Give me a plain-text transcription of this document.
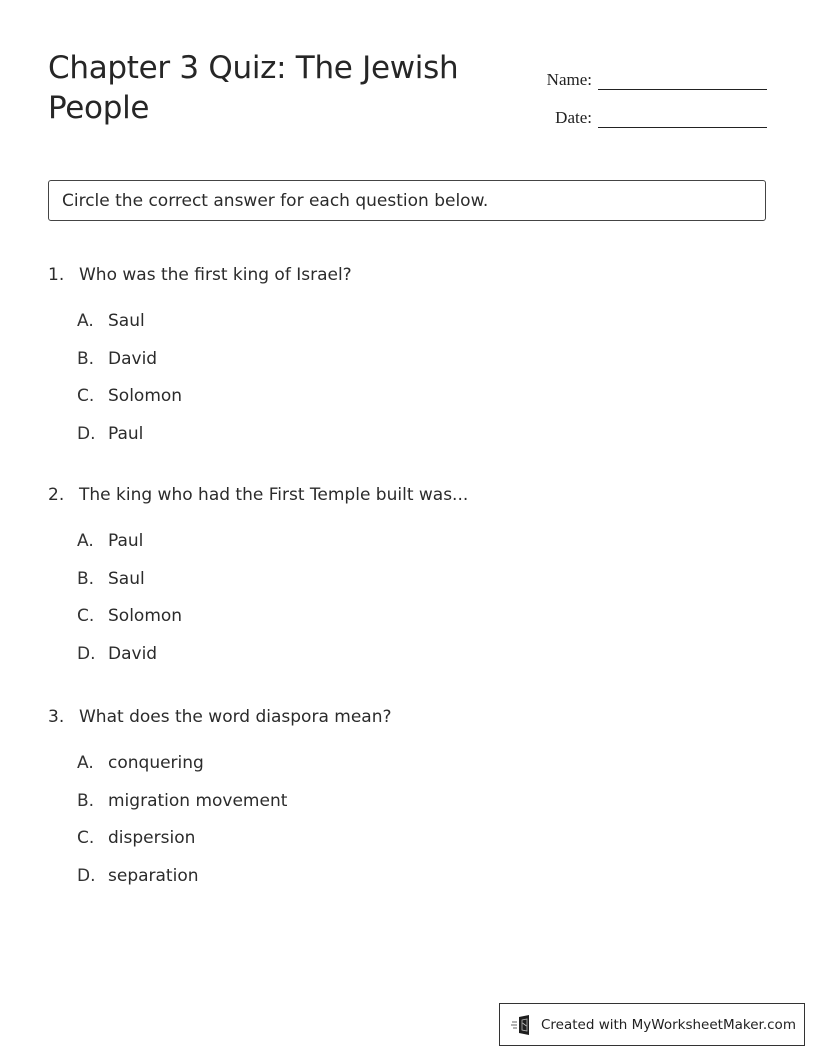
Chapter 3 Quiz: The Jewish People
Name:
Date:
Circle the correct answer for each question below.
1. Who was the first king of Israel?
A. Saul
B. David
C. Solomon
D. Paul
2. The king who had the First Temple built was...
A. Paul
B. Saul
C. Solomon
D. David
3. What does the word diaspora mean?
A. conquering
B. migration movement
C. dispersion
D. separation
Created with MyWorksheetMaker.com
